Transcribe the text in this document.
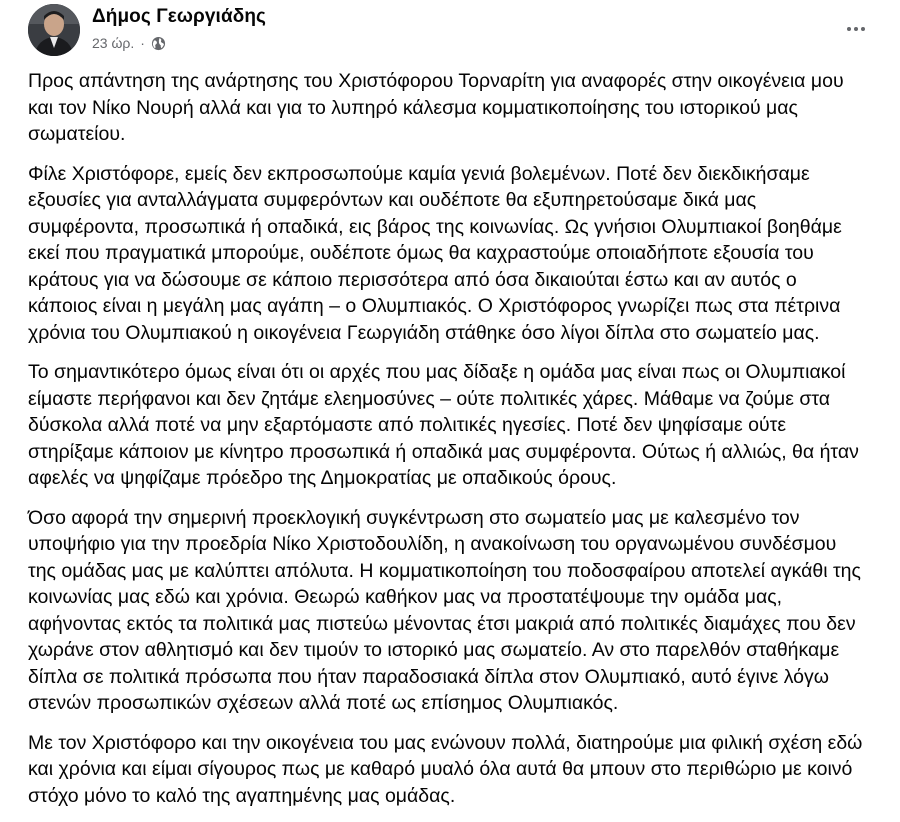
Δήμος Γεωργιάδης
23 ώρ. ·

Προς απάντηση της ανάρτησης του Χριστόφορου Τορναρίτη για αναφορές στην οικογένεια μου και τον Νίκο Νουρή αλλά και για το λυπηρό κάλεσμα κομματικοποίησης του ιστορικού μας σωματείου.

Φίλε Χριστόφορε, εμείς δεν εκπροσωπούμε καμία γενιά βολεμένων. Ποτέ δεν διεκδικήσαμε εξουσίες για ανταλλάγματα συμφερόντων και ουδέποτε θα εξυπηρετούσαμε δικά μας συμφέροντα, προσωπικά ή οπαδικά, εις βάρος της κοινωνίας. Ως γνήσιοι Ολυμπιακοί βοηθάμε εκεί που πραγματικά μπορούμε, ουδέποτε όμως θα καχραστούμε οποιαδήποτε εξουσία του κράτους για να δώσουμε σε κάποιο περισσότερα από όσα δικαιούται έστω και αν αυτός ο κάποιος είναι η μεγάλη μας αγάπη – ο Ολυμπιακός. Ο Χριστόφορος γνωρίζει πως στα πέτρινα χρόνια του Ολυμπιακού η οικογένεια Γεωργιάδη στάθηκε όσο λίγοι δίπλα στο σωματείο μας.

Το σημαντικότερο όμως είναι ότι οι αρχές που μας δίδαξε η ομάδα μας είναι πως οι Ολυμπιακοί είμαστε περήφανοι και δεν ζητάμε ελεημοσύνες – ούτε πολιτικές χάρες. Μάθαμε να ζούμε στα δύσκολα αλλά ποτέ να μην εξαρτόμαστε από πολιτικές ηγεσίες. Ποτέ δεν ψηφίσαμε ούτε στηρίξαμε κάποιον με κίνητρο προσωπικά ή οπαδικά μας συμφέροντα. Ούτως ή αλλιώς, θα ήταν αφελές να ψηφίζαμε πρόεδρο της Δημοκρατίας με οπαδικούς όρους.

Όσο αφορά την σημερινή προεκλογική συγκέντρωση στο σωματείο μας με καλεσμένο τον υποψήφιο για την προεδρία Νίκο Χριστοδουλίδη, η ανακοίνωση του οργανωμένου συνδέσμου της ομάδας μας με καλύπτει απόλυτα. Η κομματικοποίηση του ποδοσφαίρου αποτελεί αγκάθι της κοινωνίας μας εδώ και χρόνια. Θεωρώ καθήκον μας να προστατέψουμε την ομάδα μας, αφήνοντας εκτός τα πολιτικά μας πιστεύω μένοντας έτσι μακριά από πολιτικές διαμάχες που δεν χωράνε στον αθλητισμό και δεν τιμούν το ιστορικό μας σωματείο. Αν στο παρελθόν σταθήκαμε δίπλα σε πολιτικά πρόσωπα που ήταν παραδοσιακά δίπλα στον Ολυμπιακό, αυτό έγινε λόγω στενών προσωπικών σχέσεων αλλά ποτέ ως επίσημος Ολυμπιακός.

Με τον Χριστόφορο και την οικογένεια του μας ενώνουν πολλά, διατηρούμε μια φιλική σχέση εδώ και χρόνια και είμαι σίγουρος πως με καθαρό μυαλό όλα αυτά θα μπουν στο περιθώριο με κοινό στόχο μόνο το καλό της αγαπημένης μας ομάδας.
